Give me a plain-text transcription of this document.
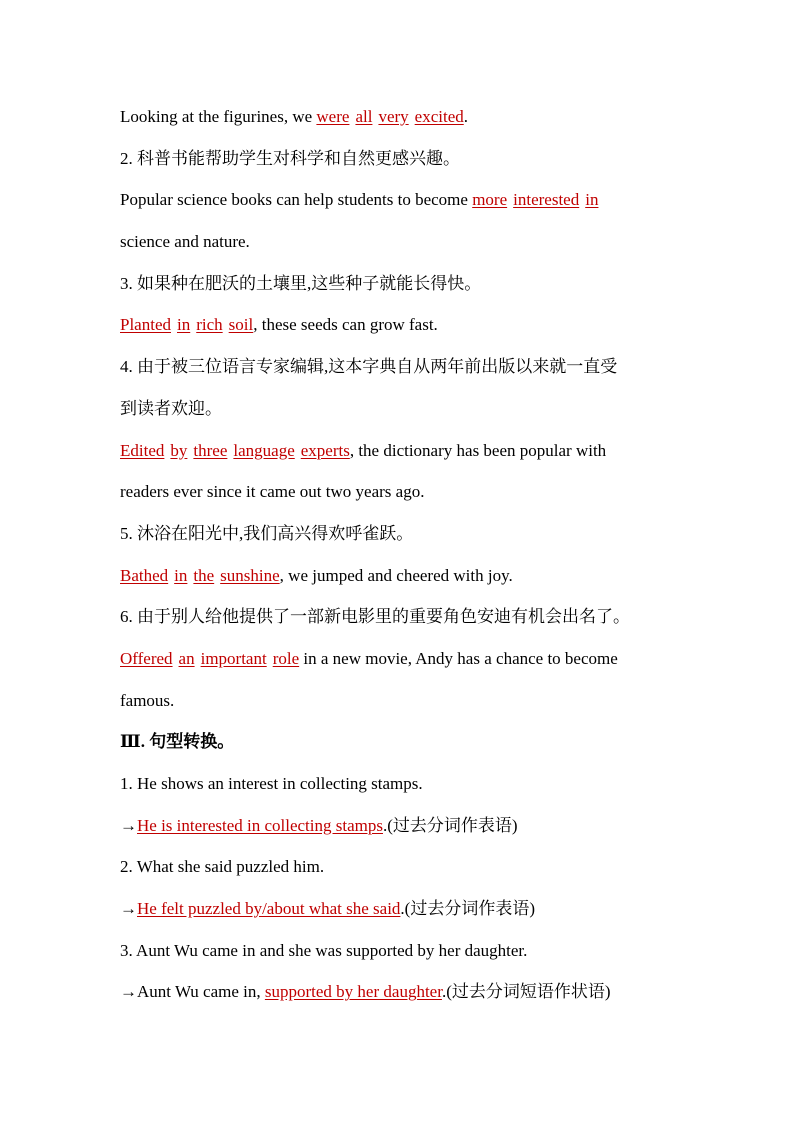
Looking at the figurines, we were all very excited.
2. 科普书能帮助学生对科学和自然更感兴趣。
Popular science books can help students to become more interested in
science and nature.
3. 如果种在肥沃的土壤里,这些种子就能长得快。
Planted in rich soil, these seeds can grow fast.
4. 由于被三位语言专家编辑,这本字典自从两年前出版以来就一直受
到读者欢迎。
Edited by three language experts, the dictionary has been popular with
readers ever since it came out two years ago.
5. 沐浴在阳光中,我们高兴得欢呼雀跃。
Bathed in the sunshine, we jumped and cheered with joy.
6. 由于别人给他提供了一部新电影里的重要角色安迪有机会出名了。
Offered an important role in a new movie, Andy has a chance to become
famous.
Ⅲ. 句型转换。
1. He shows an interest in collecting stamps.
→He is interested in collecting stamps.(过去分词作表语)
2. What she said puzzled him.
→He felt puzzled by/about what she said.(过去分词作表语)
3. Aunt Wu came in and she was supported by her daughter.
→Aunt Wu came in, supported by her daughter.(过去分词短语作状语)
